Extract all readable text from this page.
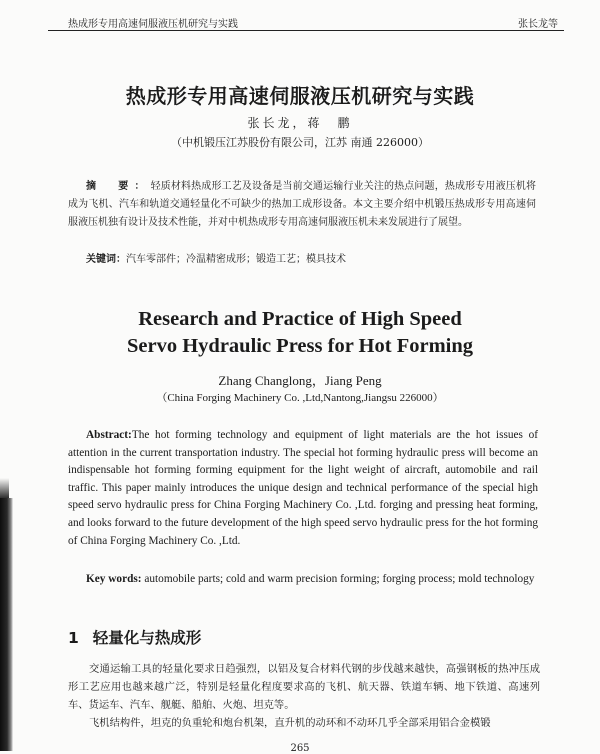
热成形专用高速伺服液压机研究与实践	张长龙等
热成形专用高速伺服液压机研究与实践
张长龙，蒋　鹏
（中机锻压江苏股份有限公司，江苏 南通 226000）
摘　要：轻质材料热成形工艺及设备是当前交通运输行业关注的热点问题，热成形专用液压机将成为飞机、汽车和轨道交通轻量化不可缺少的热加工成形设备。本文主要介绍中机锻压热成形专用高速伺服液压机独有设计及技术性能，并对中机热成形专用高速伺服液压机未来发展进行了展望。
关键词：汽车零部件；冷温精密成形；锻造工艺；模具技术
Research and Practice of High Speed
Servo Hydraulic Press for Hot Forming
Zhang Changlong，Jiang Peng
（China Forging Machinery Co. ,Ltd,Nantong,Jiangsu 226000）
Abstract:The hot forming technology and equipment of light materials are the hot issues of attention in the current transportation industry. The special hot forming hydraulic press will become an indispensable hot forming forming equipment for the light weight of aircraft, automobile and rail traffic. This paper mainly introduces the unique design and technical performance of the special high speed servo hydraulic press for China Forging Machinery Co. ,Ltd. forging and pressing heat forming, and looks forward to the future development of the high speed servo hydraulic press for the hot forming of China Forging Machinery Co. ,Ltd.
Key words: automobile parts; cold and warm precision forming; forging process; mold technology
1 轻量化与热成形
交通运输工具的轻量化要求日趋强烈，以铝及复合材料代钢的步伐越来越快，高强钢板的热冲压成形工艺应用也越来越广泛，特别是轻量化程度要求高的飞机、航天器、铁道车辆、地下铁道、高速列车、货运车、汽车、舰艇、船舶、火炮、坦克等。
飞机结构件，坦克的负重轮和炮台机架，直升机的动环和不动环几乎全部采用铝合金模锻
265
